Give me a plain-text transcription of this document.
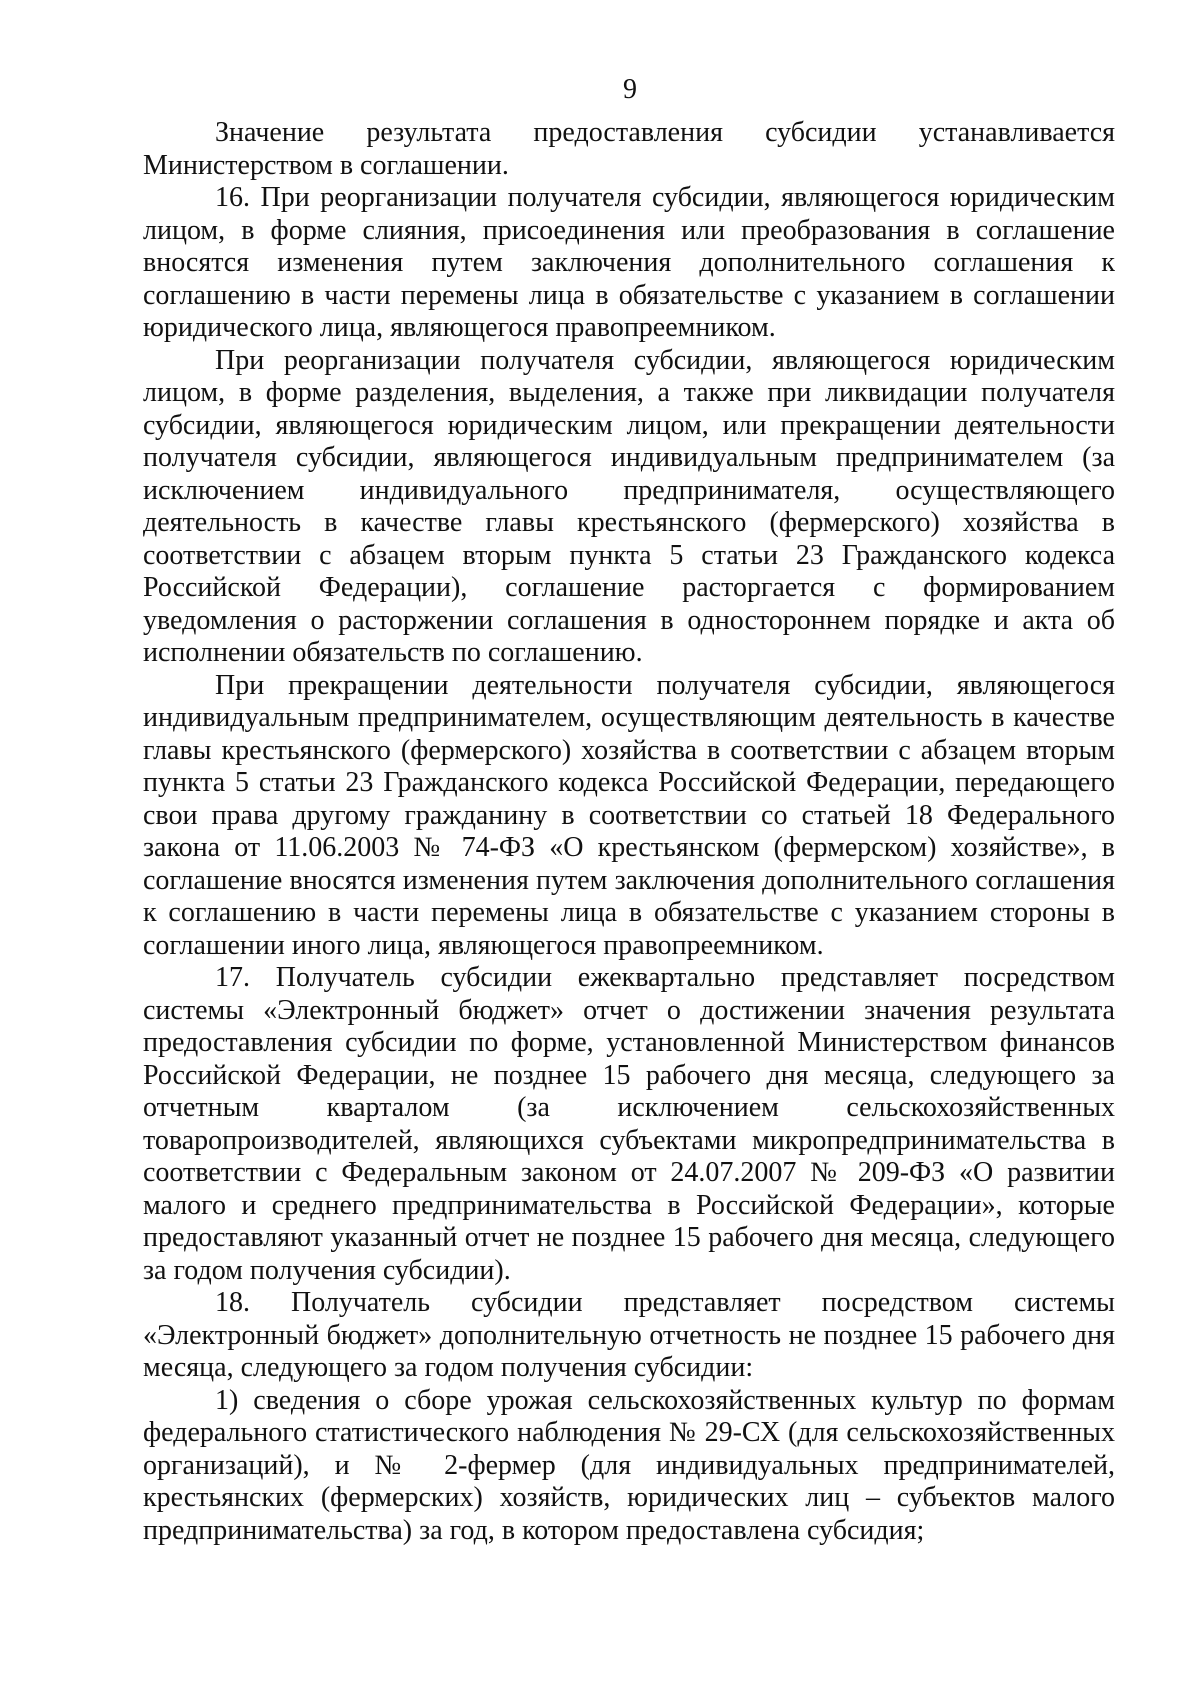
9

Значение результата предоставления субсидии устанавливается Министерством в соглашении.

16. При реорганизации получателя субсидии, являющегося юридическим лицом, в форме слияния, присоединения или преобразования в соглашение вносятся изменения путем заключения дополнительного соглашения к соглашению в части перемены лица в обязательстве с указанием в соглашении юридического лица, являющегося правопреемником.

При реорганизации получателя субсидии, являющегося юридическим лицом, в форме разделения, выделения, а также при ликвидации получателя субсидии, являющегося юридическим лицом, или прекращении деятельности получателя субсидии, являющегося индивидуальным предпринимателем (за исключением индивидуального предпринимателя, осуществляющего деятельность в качестве главы крестьянского (фермерского) хозяйства в соответствии с абзацем вторым пункта 5 статьи 23 Гражданского кодекса Российской Федерации), соглашение расторгается с формированием уведомления о расторжении соглашения в одностороннем порядке и акта об исполнении обязательств по соглашению.

При прекращении деятельности получателя субсидии, являющегося индивидуальным предпринимателем, осуществляющим деятельность в качестве главы крестьянского (фермерского) хозяйства в соответствии с абзацем вторым пункта 5 статьи 23 Гражданского кодекса Российской Федерации, передающего свои права другому гражданину в соответствии со статьей 18 Федерального закона от 11.06.2003 № 74-ФЗ «О крестьянском (фермерском) хозяйстве», в соглашение вносятся изменения путем заключения дополнительного соглашения к соглашению в части перемены лица в обязательстве с указанием стороны в соглашении иного лица, являющегося правопреемником.

17. Получатель субсидии ежеквартально представляет посредством системы «Электронный бюджет» отчет о достижении значения результата предоставления субсидии по форме, установленной Министерством финансов Российской Федерации, не позднее 15 рабочего дня месяца, следующего за отчетным кварталом (за исключением сельскохозяйственных товаропроизводителей, являющихся субъектами микропредпринимательства в соответствии с Федеральным законом от 24.07.2007 № 209-ФЗ «О развитии малого и среднего предпринимательства в Российской Федерации», которые предоставляют указанный отчет не позднее 15 рабочего дня месяца, следующего за годом получения субсидии).

18. Получатель субсидии представляет посредством системы «Электронный бюджет» дополнительную отчетность не позднее 15 рабочего дня месяца, следующего за годом получения субсидии:

1) сведения о сборе урожая сельскохозяйственных культур по формам федерального статистического наблюдения № 29-СХ (для сельскохозяйственных организаций), и № 2-фермер (для индивидуальных предпринимателей, крестьянских (фермерских) хозяйств, юридических лиц – субъектов малого предпринимательства) за год, в котором предоставлена субсидия;
